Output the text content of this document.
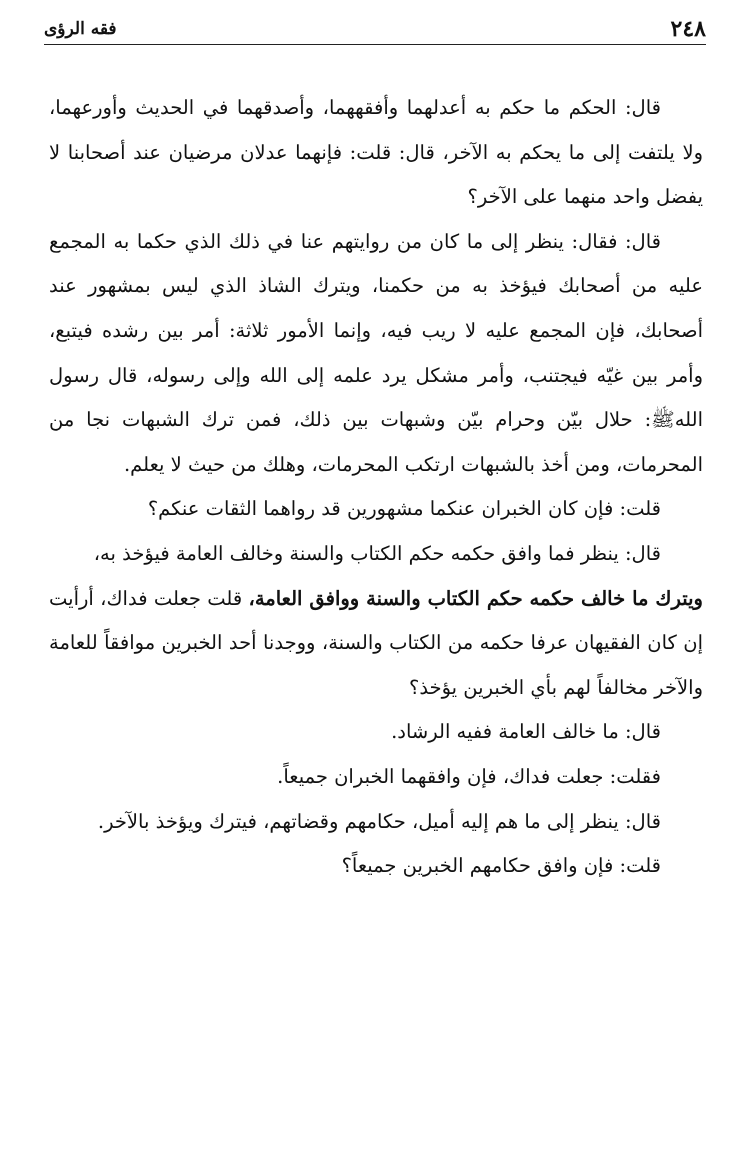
٢٤٨
فقه الرؤى

قال: الحكم ما حكم به أعدلهما وأفقههما، وأصدقهما في الحديث وأورعهما، ولا يلتفت إلى ما يحكم به الآخر، قال: قلت: فإنهما عدلان مرضيان عند أصحابنا لا يفضل واحد منهما على الآخر؟

قال: فقال: ينظر إلى ما كان من روايتهم عنا في ذلك الذي حكما به المجمع عليه من أصحابك فيؤخذ به من حكمنا، ويترك الشاذ الذي ليس بمشهور عند أصحابك، فإن المجمع عليه لا ريب فيه، وإنما الأمور ثلاثة: أمر بين رشده فيتبع، وأمر بين غيّه فيجتنب، وأمر مشكل يرد علمه إلى الله وإلى رسوله، قال رسول اللهﷺ: حلال بيّن وحرام بيّن وشبهات بين ذلك، فمن ترك الشبهات نجا من المحرمات، ومن أخذ بالشبهات ارتكب المحرمات، وهلك من حيث لا يعلم.

قلت: فإن كان الخبران عنكما مشهورين قد رواهما الثقات عنكم؟

قال: ينظر فما وافق حكمه حكم الكتاب والسنة وخالف العامة فيؤخذ به،

ويترك ما خالف حكمه حكم الكتاب والسنة ووافق العامة، قلت جعلت فداك، أرأيت إن كان الفقيهان عرفا حكمه من الكتاب والسنة، ووجدنا أحد الخبرين موافقاً للعامة والآخر مخالفاً لهم بأي الخبرين يؤخذ؟

قال: ما خالف العامة ففيه الرشاد.

فقلت: جعلت فداك، فإن وافقهما الخبران جميعاً.

قال: ينظر إلى ما هم إليه أميل، حكامهم وقضاتهم، فيترك ويؤخذ بالآخر.

قلت: فإن وافق حكامهم الخبرين جميعاً؟
